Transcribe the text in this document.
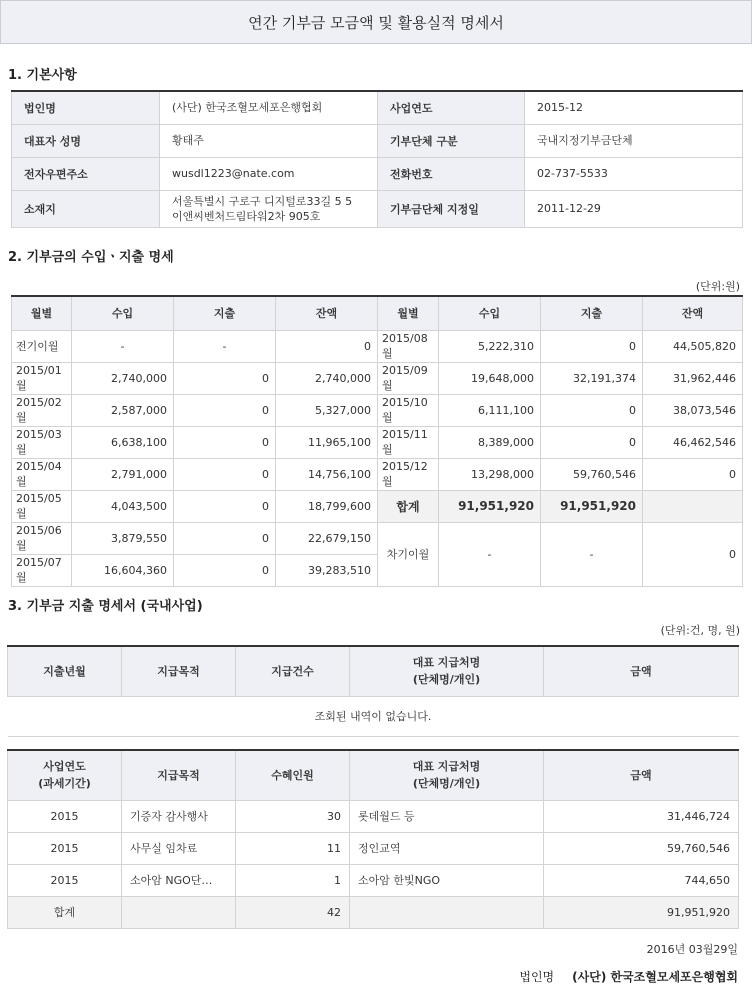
연간 기부금 모금액 및 활용실적 명세서
1. 기본사항
법인명	(사단) 한국조혈모세포은행협회	사업연도	2015-12
대표자 성명	황태주	기부단체 구분	국내지정기부금단체
전자우편주소	wusdl1223@nate.com	전화번호	02-737-5533
소재지	서울특별시 구로구 디지털로33길 5 5 이앤씨벤처드림타워2차 905호	기부금단체 지정일	2011-12-29
2. 기부금의 수입ㆍ지출 명세
(단위:원)
월별	수입	지출	잔액	월별	수입	지출	잔액
전기이월	-	-	0	2015/08월	5,222,310	0	44,505,820
2015/01월	2,740,000	0	2,740,000	2015/09월	19,648,000	32,191,374	31,962,446
2015/02월	2,587,000	0	5,327,000	2015/10월	6,111,100	0	38,073,546
2015/03월	6,638,100	0	11,965,100	2015/11월	8,389,000	0	46,462,546
2015/04월	2,791,000	0	14,756,100	2015/12월	13,298,000	59,760,546	0
2015/05월	4,043,500	0	18,799,600	합계	91,951,920	91,951,920	
2015/06월	3,879,550	0	22,679,150	차기이월	-	-	0
2015/07월	16,604,360	0	39,283,510				
3. 기부금 지출 명세서 (국내사업)
(단위:건, 명, 원)
지출년월	지급목적	지급건수	대표 지급처명
(단체명/개인)	금액
조회된 내역이 없습니다.
사업연도
(과세기간)	지급목적	수혜인원	대표 지급처명
(단체명/개인)	금액
2015	기증자 감사행사	30	롯데월드 등	31,446,724
2015	사무실 임차료	11	정인교역	59,760,546
2015	소아암 NGO단…	1	소아암 한빛NGO	744,650
합계		42		91,951,920
2016년 03월29일
법인명 (사단) 한국조혈모세포은행협회
